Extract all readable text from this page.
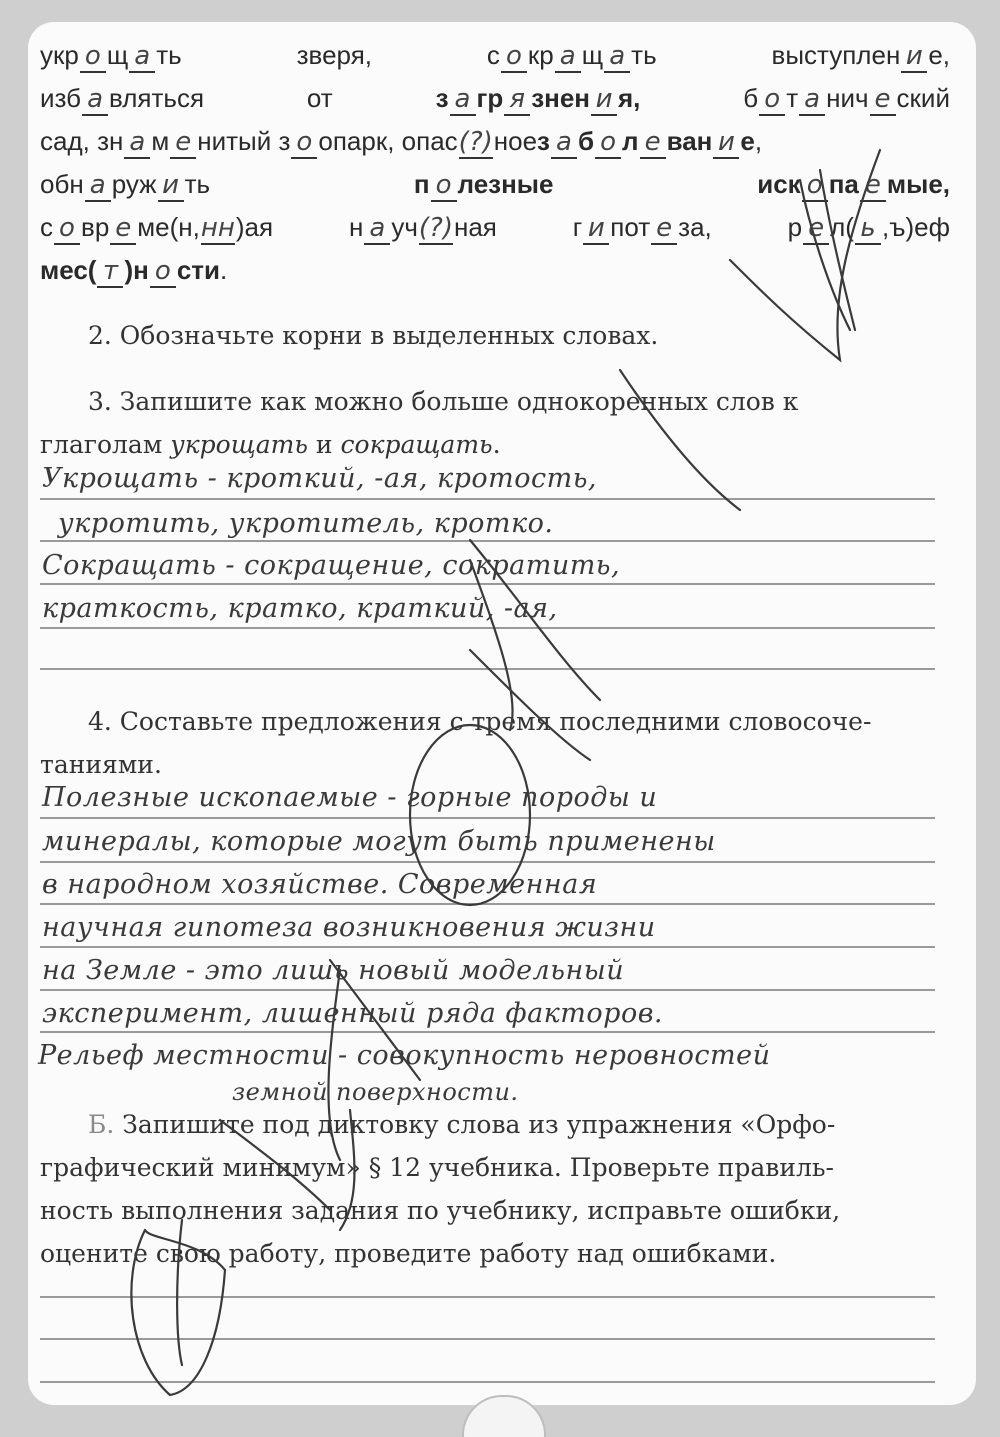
укр о щ а ть	зверя,	с о кр а щ а ть	выступлен и е,
изб а вляться	от	з а гр я знен и я,	б о т а нич е ский
сад, зн а м е нитый з о опарк, опас(?)ное з а б о л е ван и е,
обн а руж и ть	п о лезные	иск о па е мые,
с о вр е ме(н,нн)ая	н а уч(?)ная	г и пот е за,	р е л( ь ,ъ)еф
мес( т )н о сти.
2. Обозначьте корни в выделенных словах.
3. Запишите как можно больше однокоренных слов к
глаголам укрощать и сокращать.
Укрощать - кроткий, -ая, кротость,
укротить, укротитель, кротко.
Сокращать - сокращение, сократить,
краткость, кратко, краткий, -ая,
4. Составьте предложения с тремя последними словосоче-
таниями.
Полезные ископаемые - горные породы и
минералы, которые могут быть применены
в народном хозяйстве. Современная
научная гипотеза возникновения жизни
на Земле - это лишь новый модельный
эксперимент, лишенный ряда факторов.
Рельеф местности - совокупность неровностей
земной поверхности.
Б. Запишите под диктовку слова из упражнения «Орфо-
графический минимум» § 12 учебника. Проверьте правиль-
ность выполнения задания по учебнику, исправьте ошибки,
оцените свою работу, проведите работу над ошибками.
